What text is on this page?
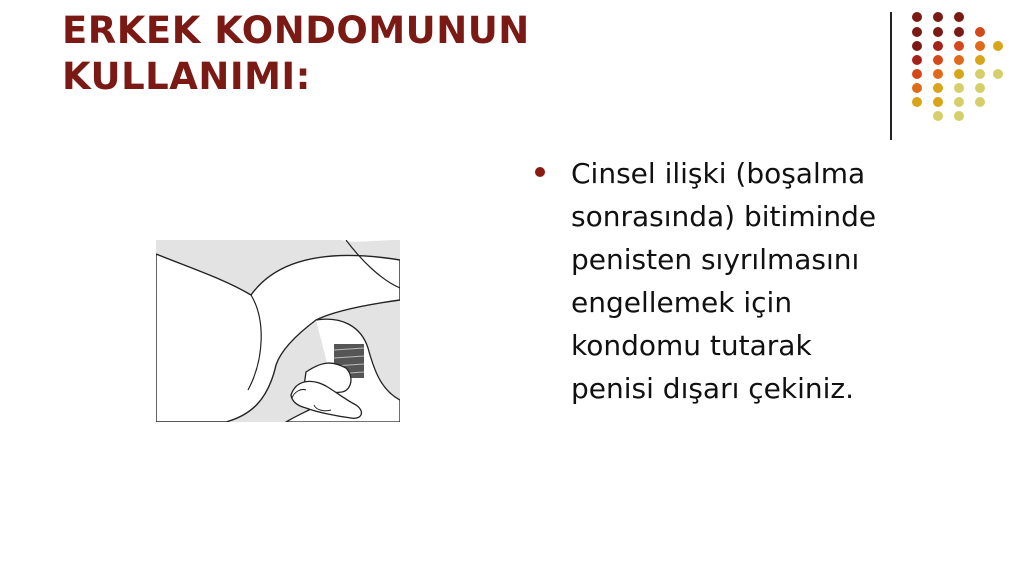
ERKEK KONDOMUNUN
KULLANIMI:
Cinsel ilişki (boşalma
sonrasında) bitiminde
penisten sıyrılmasını
engellemek için
kondomu tutarak
penisi dışarı çekiniz.
